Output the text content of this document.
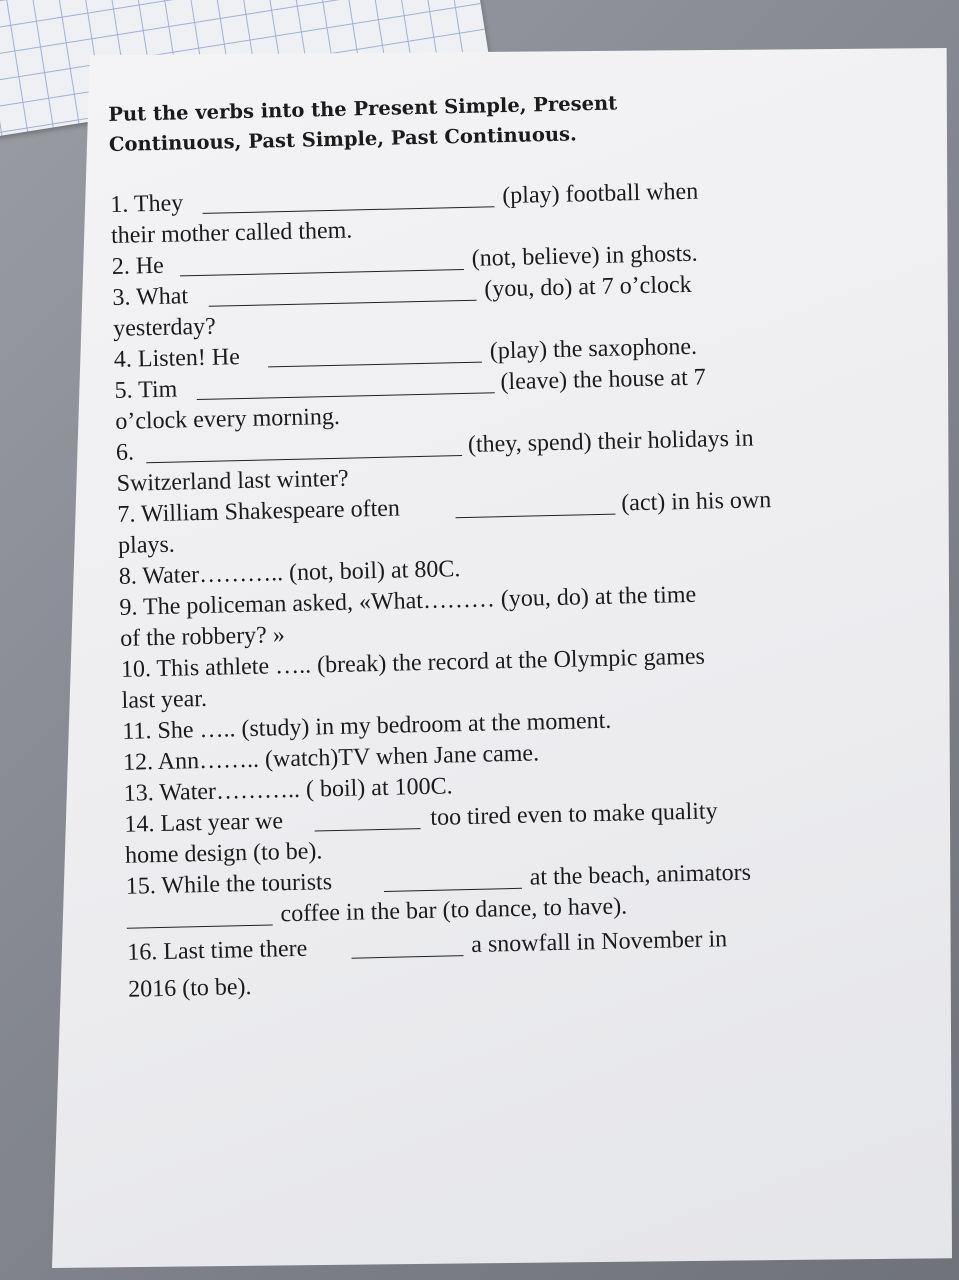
Put the verbs into the Present Simple, Present Continuous, Past Simple, Past Continuous.
1. They	(play) football when
their mother called them.
2. He	(not, believe) in ghosts.
3. What	(you, do) at 7 o’clock
yesterday?
4. Listen! He	(play) the saxophone.
5. Tim	(leave) the house at 7
o’clock every morning.
6.	(they, spend) their holidays in
Switzerland last winter?
7. William Shakespeare often	(act) in his own
plays.
8. Water……….. (not, boil) at 80C.
9. The policeman asked, «What……… (you, do) at the time
of the robbery? »
10. This athlete ….. (break) the record at the Olympic games
last year.
11. She ….. (study) in my bedroom at the moment.
12. Ann…….. (watch)TV when Jane came.
13. Water……….. ( boil) at 100C.
14. Last year we	too tired even to make quality
home design (to be).
15. While the tourists	at the beach, animators
coffee in the bar (to dance, to have).
16. Last time there	a snowfall in November in
2016 (to be).
